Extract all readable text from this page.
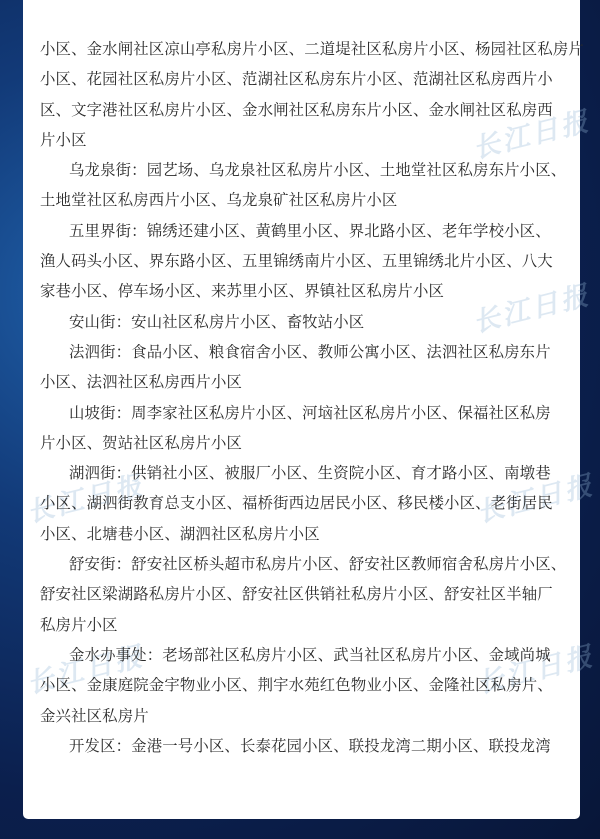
长江日报
长江日报
长江日报	长江日报
长江日报	长江日报
小区、金水闸社区凉山亭私房片小区、二道堤社区私房片小区、杨园社区私房片
小区、花园社区私房片小区、范湖社区私房东片小区、范湖社区私房西片小
区、文字港社区私房片小区、金水闸社区私房东片小区、金水闸社区私房西
片小区
乌龙泉街：园艺场、乌龙泉社区私房片小区、土地堂社区私房东片小区、
土地堂社区私房西片小区、乌龙泉矿社区私房片小区
五里界街：锦绣还建小区、黄鹤里小区、界北路小区、老年学校小区、
渔人码头小区、界东路小区、五里锦绣南片小区、五里锦绣北片小区、八大
家巷小区、停车场小区、来苏里小区、界镇社区私房片小区
安山街：安山社区私房片小区、畜牧站小区
法泗街：食品小区、粮食宿舍小区、教师公寓小区、法泗社区私房东片
小区、法泗社区私房西片小区
山坡街：周李家社区私房片小区、河垴社区私房片小区、保福社区私房
片小区、贺站社区私房片小区
湖泗街：供销社小区、被服厂小区、生资院小区、育才路小区、南墩巷
小区、湖泗街教育总支小区、福桥街西边居民小区、移民楼小区、老街居民
小区、北塘巷小区、湖泗社区私房片小区
舒安街：舒安社区桥头超市私房片小区、舒安社区教师宿舍私房片小区、
舒安社区梁湖路私房片小区、舒安社区供销社私房片小区、舒安社区半轴厂
私房片小区
金水办事处：老场部社区私房片小区、武当社区私房片小区、金域尚城
小区、金康庭院金宇物业小区、荆宇水苑红色物业小区、金隆社区私房片、
金兴社区私房片
开发区：金港一号小区、长泰花园小区、联投龙湾二期小区、联投龙湾
